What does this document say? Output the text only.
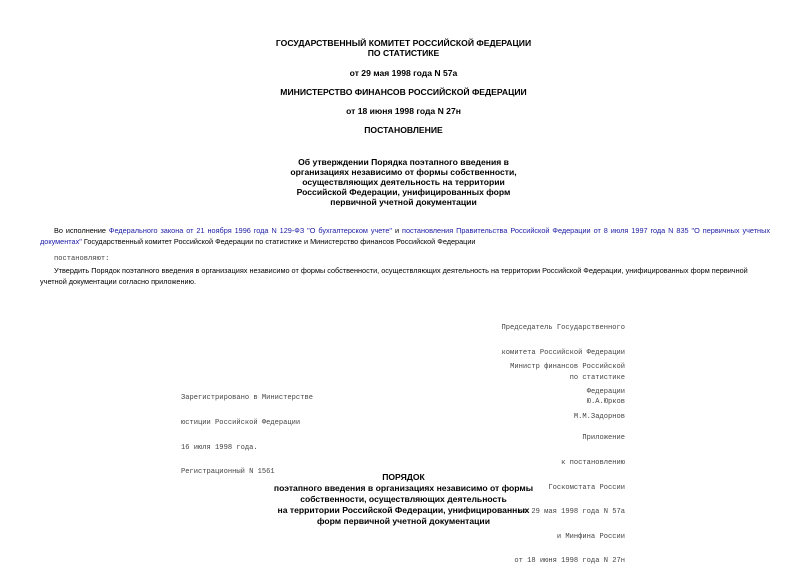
ГОСУДАРСТВЕННЫЙ КОМИТЕТ РОССИЙСКОЙ ФЕДЕРАЦИИ
ПО СТАТИСТИКЕ
от 29 мая 1998 года N 57а
МИНИСТЕРСТВО ФИНАНСОВ РОССИЙСКОЙ ФЕДЕРАЦИИ
от 18 июня 1998 года N 27н
ПОСТАНОВЛЕНИЕ
Об утверждении Порядка поэтапного введения в
организациях независимо от формы собственности,
осуществляющих деятельность на территории
Российской Федерации, унифицированных форм
первичной учетной документации
Во исполнение Федерального закона от 21 ноября 1996 года N 129-ФЗ "О бухгалтерском учете" и постановления Правительства Российской Федерации от 8 июля 1997 года N 835 "О первичных учетных документах" Государственный комитет Российской Федерации по статистике и Министерство финансов Российской Федерации
постановляют:
Утвердить Порядок поэтапного введения в организациях независимо от формы собственности, осуществляющих деятельность на территории Российской Федерации, унифицированных форм первичной учетной документации согласно приложению.

Председатель Государственного

комитета Российской Федерации

по статистике

Ю.А.Юрков

Министр финансов Российской

Федерации

М.М.Задорнов

Зарегистрировано в Министерстве

юстиции Российской Федерации

16 июля 1998 года.

Регистрационный N 1561

Приложение

к постановлению

Госкомстата России

от 29 мая 1998 года N 57а

и Минфина России

от 18 июня 1998 года N 27н

ПОРЯДОК
поэтапного введения в организациях независимо от формы
собственности, осуществляющих деятельность
на территории Российской Федерации, унифицированных
форм первичной учетной документации
